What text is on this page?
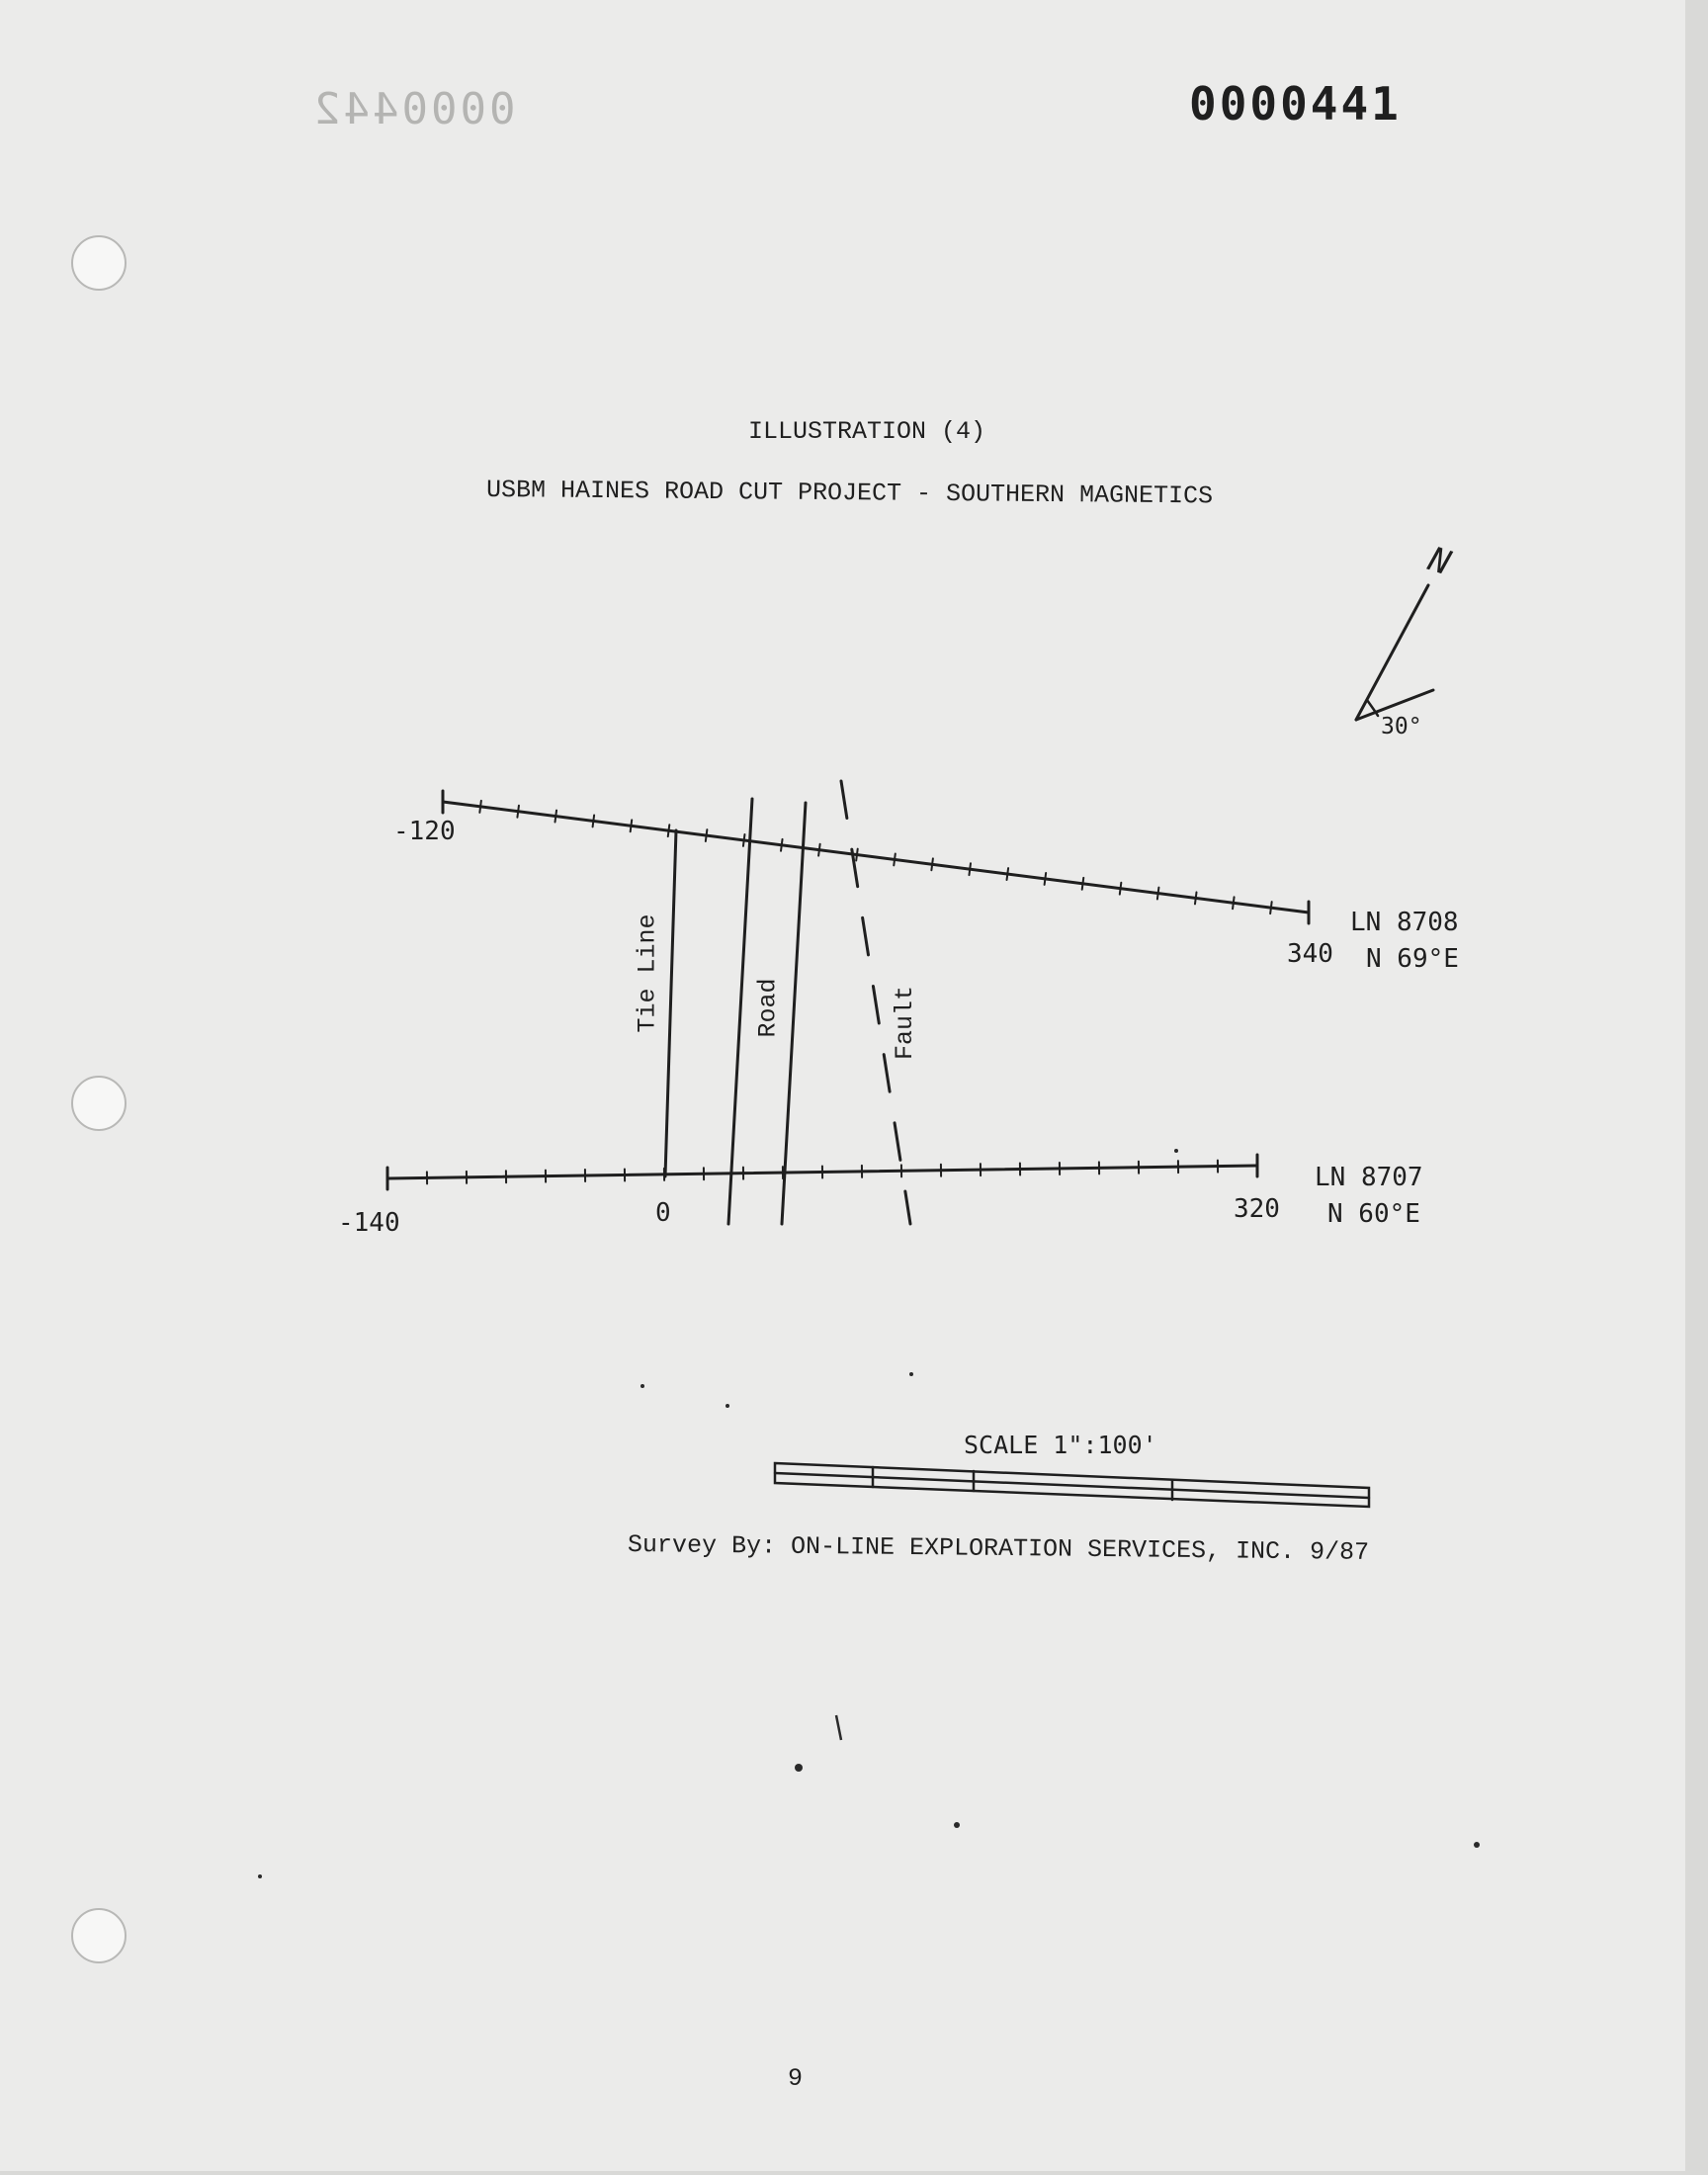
0000442	0000441
ILLUSTRATION (4)
USBM HAINES ROAD CUT PROJECT - SOUTHERN MAGNETICS
N
30°
-120
340
LN 8708
N 69°E
-140	0	320
LN 8707
N 60°E
Tie Line	Road	Fault
SCALE 1":100'
Survey By: ON-LINE EXPLORATION SERVICES, INC. 9/87
9
